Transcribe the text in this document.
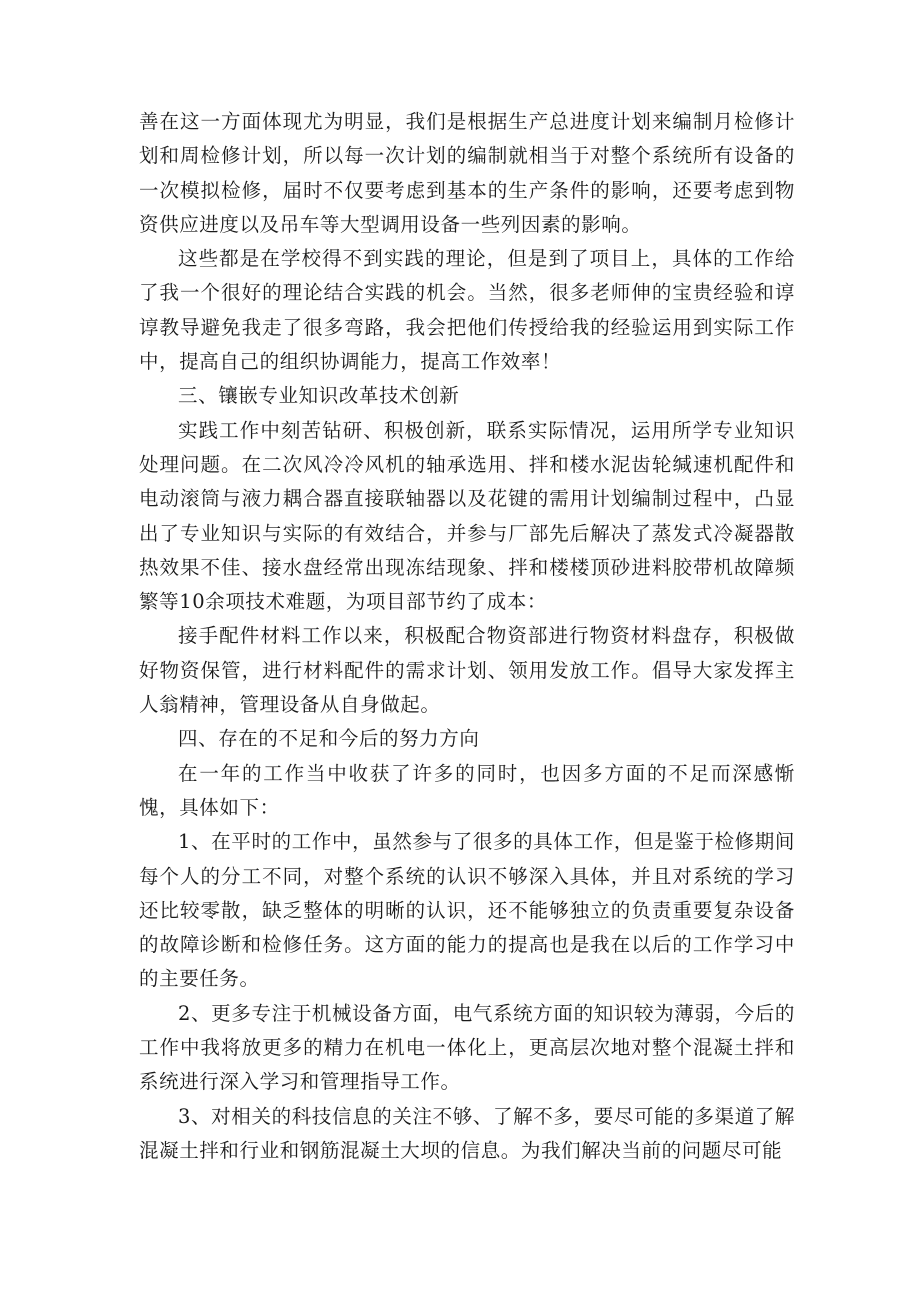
善在这一方面体现尤为明显，我们是根据生产总进度计划来编制月检修计划和周检修计划，所以每一次计划的编制就相当于对整个系统所有设备的一次模拟检修，届时不仅要考虑到基本的生产条件的影响，还要考虑到物资供应进度以及吊车等大型调用设备一些列因素的影响。

这些都是在学校得不到实践的理论，但是到了项目上，具体的工作给了我一个很好的理论结合实践的机会。当然，很多老师伸的宝贵经验和谆谆教导避免我走了很多弯路，我会把他们传授给我的经验运用到实际工作中，提高自己的组织协调能力，提高工作效率！

三、镶嵌专业知识改革技术创新

实践工作中刻苦钻研、积极创新，联系实际情况，运用所学专业知识处理问题。在二次风冷冷风机的轴承选用、拌和楼水泥齿轮缄速机配件和电动滚筒与液力耦合器直接联轴器以及花键的需用计划编制过程中，凸显出了专业知识与实际的有效结合，并参与厂部先后解决了蒸发式冷凝器散热效果不佳、接水盘经常出现冻结现象、拌和楼楼顶砂进料胶带机故障频繁等10余项技术难题，为项目部节约了成本：

接手配件材料工作以来，积极配合物资部进行物资材料盘存，积极做好物资保管，进行材料配件的需求计划、领用发放工作。倡导大家发挥主人翁精神，管理设备从自身做起。

四、存在的不足和今后的努力方向

在一年的工作当中收获了许多的同时，也因多方面的不足而深感惭愧，具体如下：

1、在平时的工作中，虽然参与了很多的具体工作，但是鉴于检修期间每个人的分工不同，对整个系统的认识不够深入具体，并且对系统的学习还比较零散，缺乏整体的明晰的认识，还不能够独立的负责重要复杂设备的故障诊断和检修任务。这方面的能力的提高也是我在以后的工作学习中的主要任务。

2、更多专注于机械设备方面，电气系统方面的知识较为薄弱，今后的工作中我将放更多的精力在机电一体化上，更高层次地对整个混凝土拌和系统进行深入学习和管理指导工作。

3、对相关的科技信息的关注不够、了解不多，要尽可能的多渠道了解混凝土拌和行业和钢筋混凝土大坝的信息。为我们解决当前的问题尽可能
